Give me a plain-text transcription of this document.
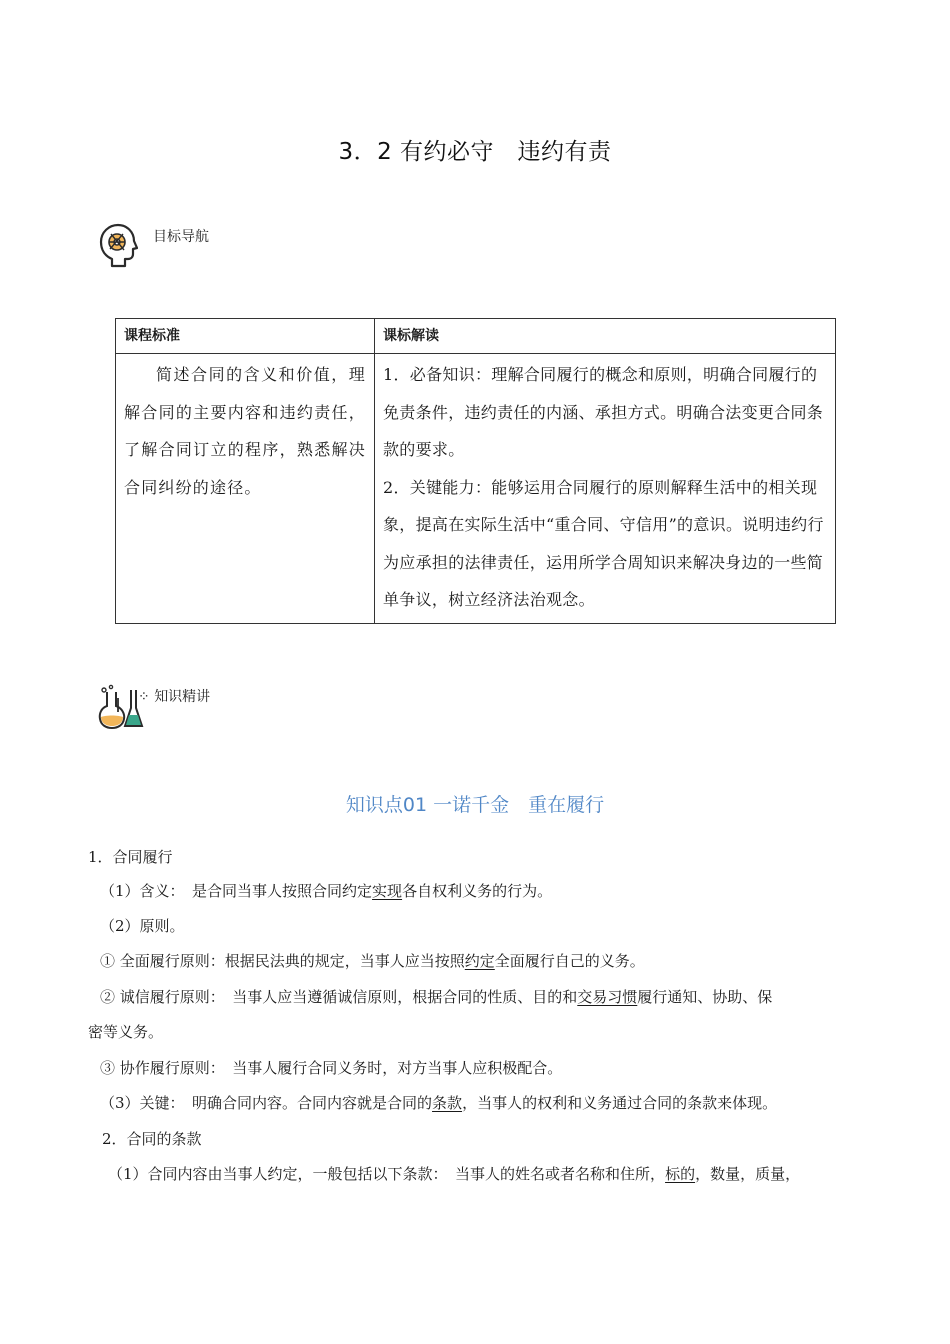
3．2 有约必守　违约有责
目标导航
课程标准	课标解读
简述合同的含义和价值，理解合同的主要内容和违约责任，了解合同订立的程序，熟悉解决合同纠纷的途径。	1．必备知识：理解合同履行的概念和原则，明确合同履行的免责条件，违约责任的内涵、承担方式。明确合法变更合同条款的要求。
2．关键能力：能够运用合同履行的原则解释生活中的相关现象，提高在实际生活中“重合同、守信用”的意识。说明违约行为应承担的法律责任，运用所学合周知识来解决身边的一些简单争议，树立经济法治观念。
⁘ 知识精讲
知识点01 一诺千金　重在履行
1．合同履行
（1）含义：　是合同当事人按照合同约定实现各自权利义务的行为。
（2）原则。
① 全面履行原则：根据民法典的规定，当事人应当按照约定全面履行自己的义务。
② 诚信履行原则：　当事人应当遵循诚信原则，根据合同的性质、目的和交易习惯履行通知、协助、保
密等义务。
③ 协作履行原则：　当事人履行合同义务时，对方当事人应积极配合。
（3）关键：　明确合同内容。合同内容就是合同的条款，当事人的权利和义务通过合同的条款来体现。
2．合同的条款
（1）合同内容由当事人约定，一般包括以下条款：　当事人的姓名或者名称和住所，标的，数量，质量，
